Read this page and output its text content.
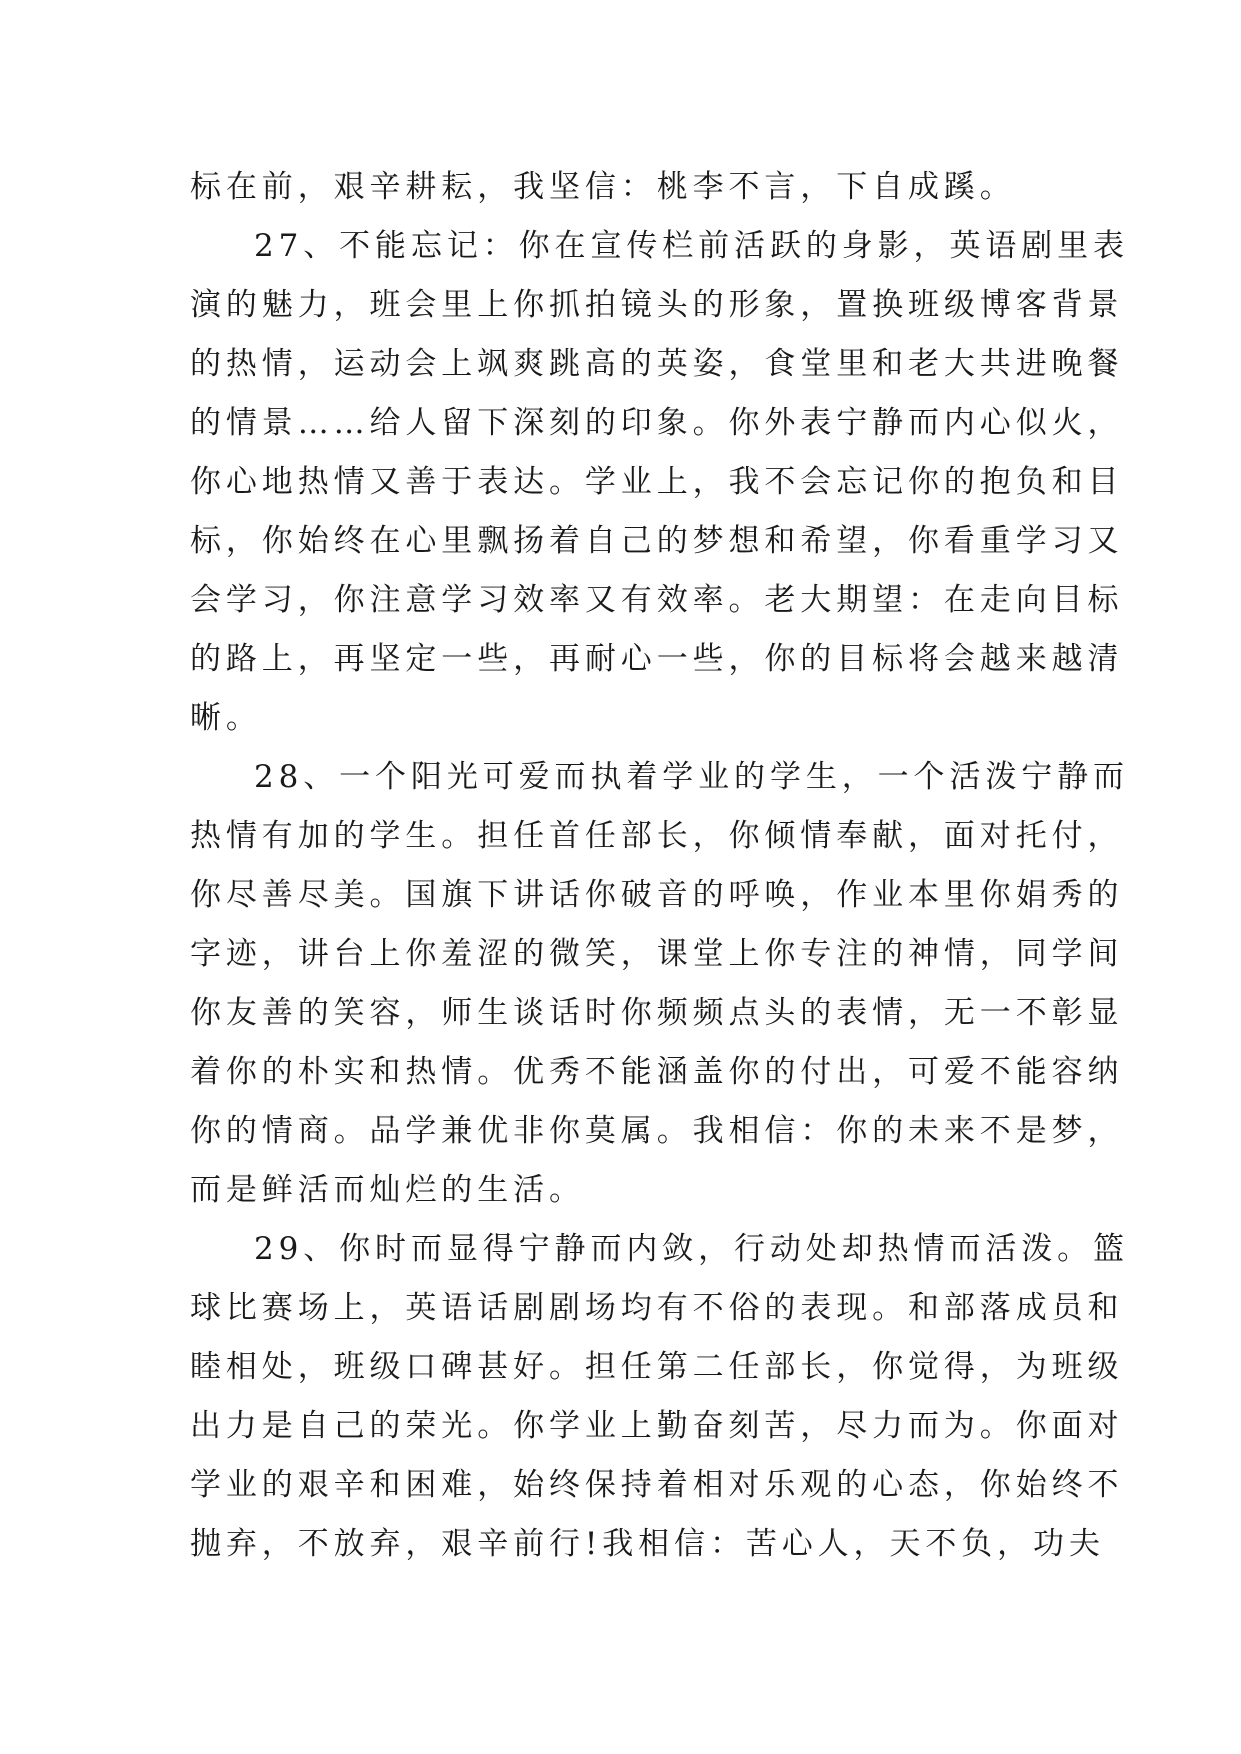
标在前，艰辛耕耘，我坚信：桃李不言，下自成蹊。
27、不能忘记：你在宣传栏前活跃的身影，英语剧里表
演的魅力，班会里上你抓拍镜头的形象，置换班级博客背景
的热情，运动会上飒爽跳高的英姿，食堂里和老大共进晚餐
的情景……给人留下深刻的印象。你外表宁静而内心似火，
你心地热情又善于表达。学业上，我不会忘记你的抱负和目
标，你始终在心里飘扬着自己的梦想和希望，你看重学习又
会学习，你注意学习效率又有效率。老大期望：在走向目标
的路上，再坚定一些，再耐心一些，你的目标将会越来越清
晰。
28、一个阳光可爱而执着学业的学生，一个活泼宁静而
热情有加的学生。担任首任部长，你倾情奉献，面对托付，
你尽善尽美。国旗下讲话你破音的呼唤，作业本里你娟秀的
字迹，讲台上你羞涩的微笑，课堂上你专注的神情，同学间
你友善的笑容，师生谈话时你频频点头的表情，无一不彰显
着你的朴实和热情。优秀不能涵盖你的付出，可爱不能容纳
你的情商。品学兼优非你莫属。我相信：你的未来不是梦，
而是鲜活而灿烂的生活。
29、你时而显得宁静而内敛，行动处却热情而活泼。篮
球比赛场上，英语话剧剧场均有不俗的表现。和部落成员和
睦相处，班级口碑甚好。担任第二任部长，你觉得，为班级
出力是自己的荣光。你学业上勤奋刻苦，尽力而为。你面对
学业的艰辛和困难，始终保持着相对乐观的心态，你始终不
抛弃，不放弃，艰辛前行!我相信：苦心人，天不负，功夫
